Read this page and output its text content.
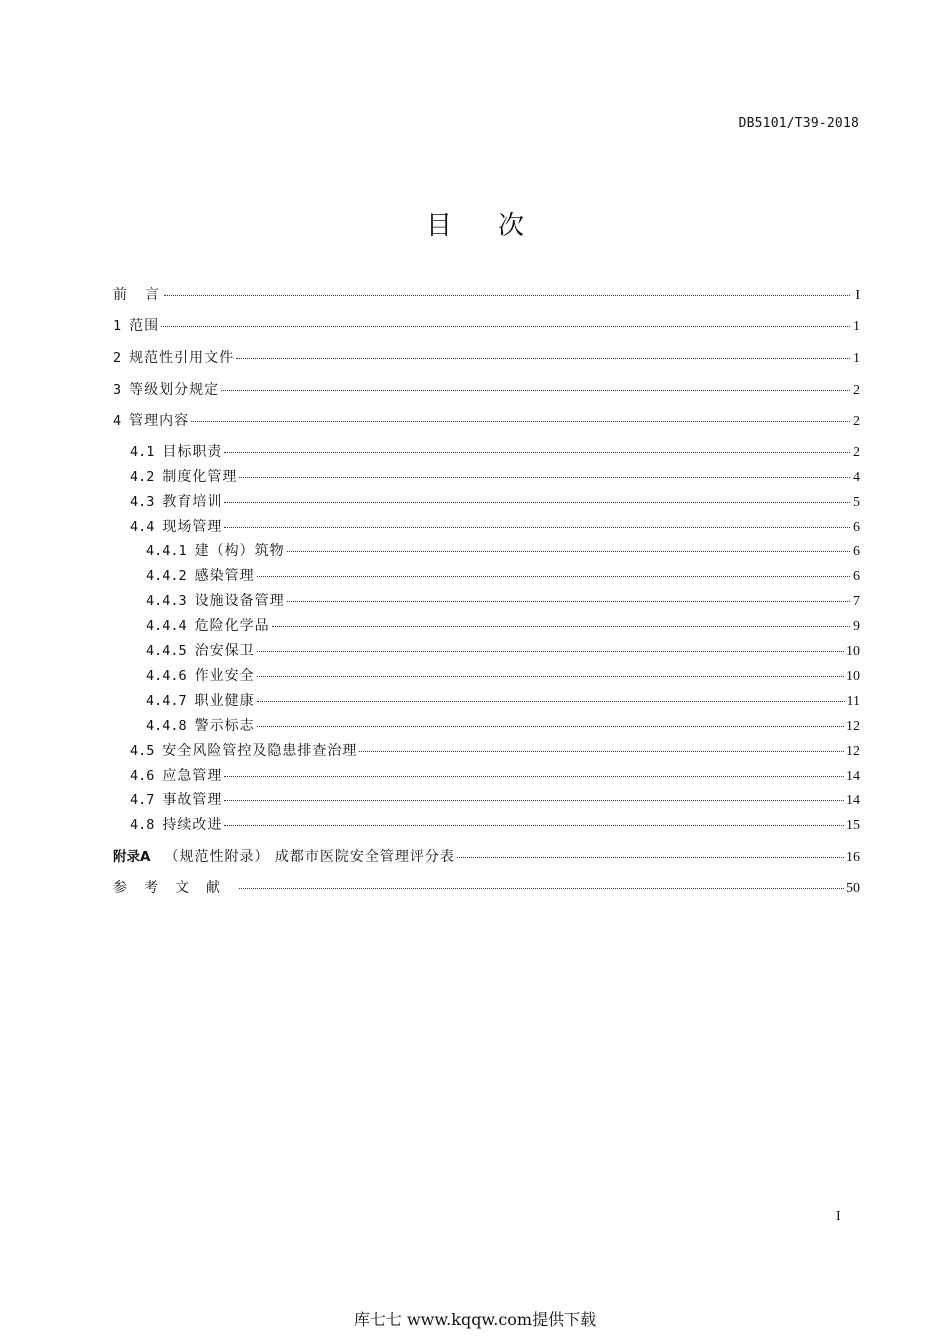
DB5101/T39-2018
目 次
前  言	I
1 范围	1
2 规范性引用文件	1
3 等级划分规定	2
4 管理内容	2
4.1 目标职责	2
4.2 制度化管理	4
4.3 教育培训	5
4.4 现场管理	6
4.4.1 建（构）筑物	6
4.4.2 感染管理	6
4.4.3 设施设备管理	7
4.4.4 危险化学品	9
4.4.5 治安保卫	10
4.4.6 作业安全	10
4.4.7 职业健康	11
4.4.8 警示标志	12
4.5 安全风险管控及隐患排查治理	12
4.6 应急管理	14
4.7 事故管理	14
4.8 持续改进	15
附录A （规范性附录） 成都市医院安全管理评分表	16
参考文献	50
I
库七七 www.kqqw.com提供下载
